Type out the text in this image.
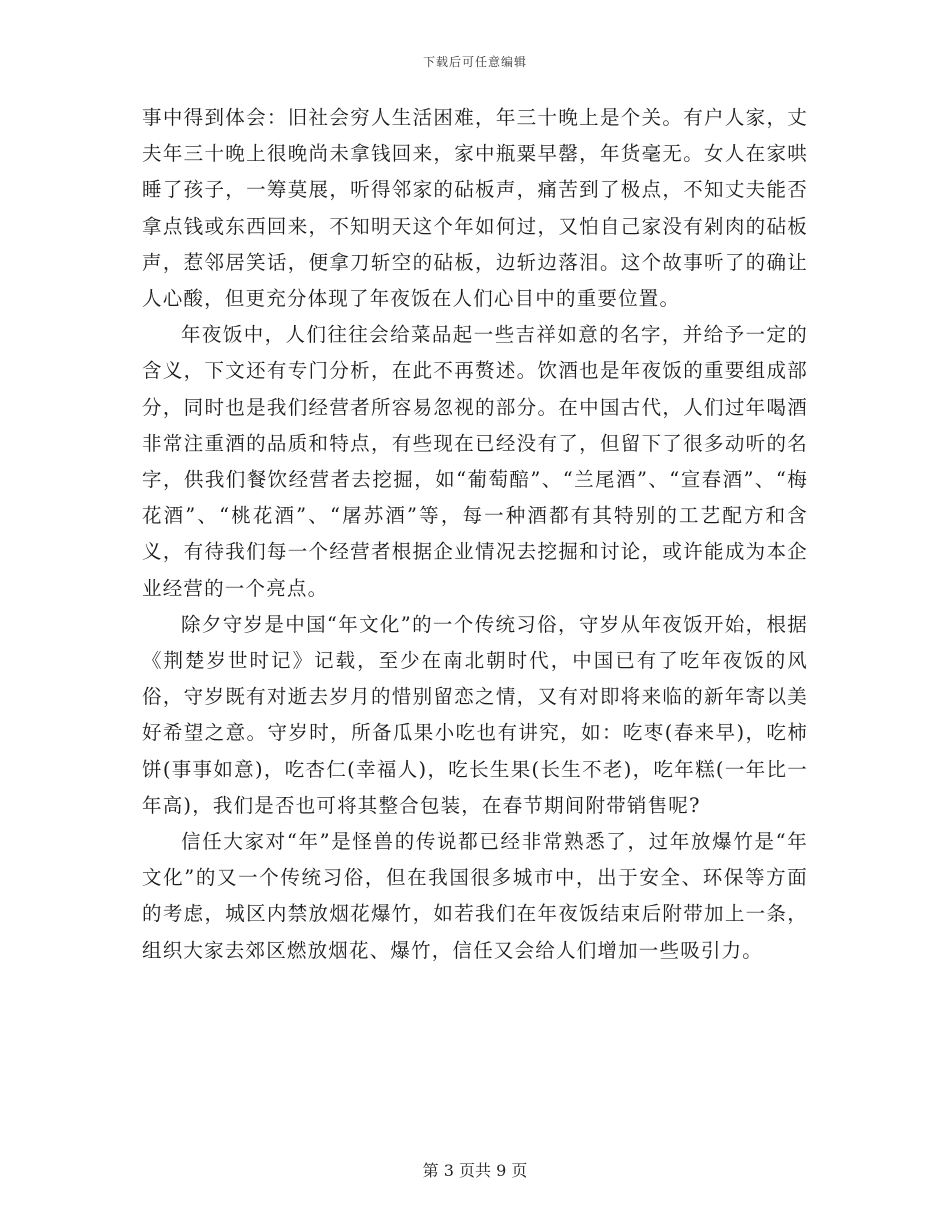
下载后可任意编辑

事中得到体会：旧社会穷人生活困难，年三十晚上是个关。有户人家，丈夫年三十晚上很晚尚未拿钱回来，家中瓶粟早罄，年货毫无。女人在家哄睡了孩子，一筹莫展，听得邻家的砧板声，痛苦到了极点，不知丈夫能否拿点钱或东西回来，不知明天这个年如何过，又怕自己家没有剁肉的砧板声，惹邻居笑话，便拿刀斩空的砧板，边斩边落泪。这个故事听了的确让人心酸，但更充分体现了年夜饭在人们心目中的重要位置。

年夜饭中，人们往往会给菜品起一些吉祥如意的名字，并给予一定的含义，下文还有专门分析，在此不再赘述。饮酒也是年夜饭的重要组成部分，同时也是我们经营者所容易忽视的部分。在中国古代，人们过年喝酒非常注重酒的品质和特点，有些现在已经没有了，但留下了很多动听的名字，供我们餐饮经营者去挖掘，如“葡萄醅”、“兰尾酒”、“宣春酒”、“梅花酒”、“桃花酒”、“屠苏酒”等，每一种酒都有其特别的工艺配方和含义，有待我们每一个经营者根据企业情况去挖掘和讨论，或许能成为本企业经营的一个亮点。

除夕守岁是中国“年文化”的一个传统习俗，守岁从年夜饭开始，根据《荆楚岁世时记》记载，至少在南北朝时代，中国已有了吃年夜饭的风俗，守岁既有对逝去岁月的惜别留恋之情，又有对即将来临的新年寄以美好希望之意。守岁时，所备瓜果小吃也有讲究，如：吃枣(春来早)，吃柿饼(事事如意)，吃杏仁(幸福人)，吃长生果(长生不老)，吃年糕(一年比一年高)，我们是否也可将其整合包装，在春节期间附带销售呢?

信任大家对“年”是怪兽的传说都已经非常熟悉了，过年放爆竹是“年文化”的又一个传统习俗，但在我国很多城市中，出于安全、环保等方面的考虑，城区内禁放烟花爆竹，如若我们在年夜饭结束后附带加上一条，组织大家去郊区燃放烟花、爆竹，信任又会给人们增加一些吸引力。

第 3 页共 9 页
